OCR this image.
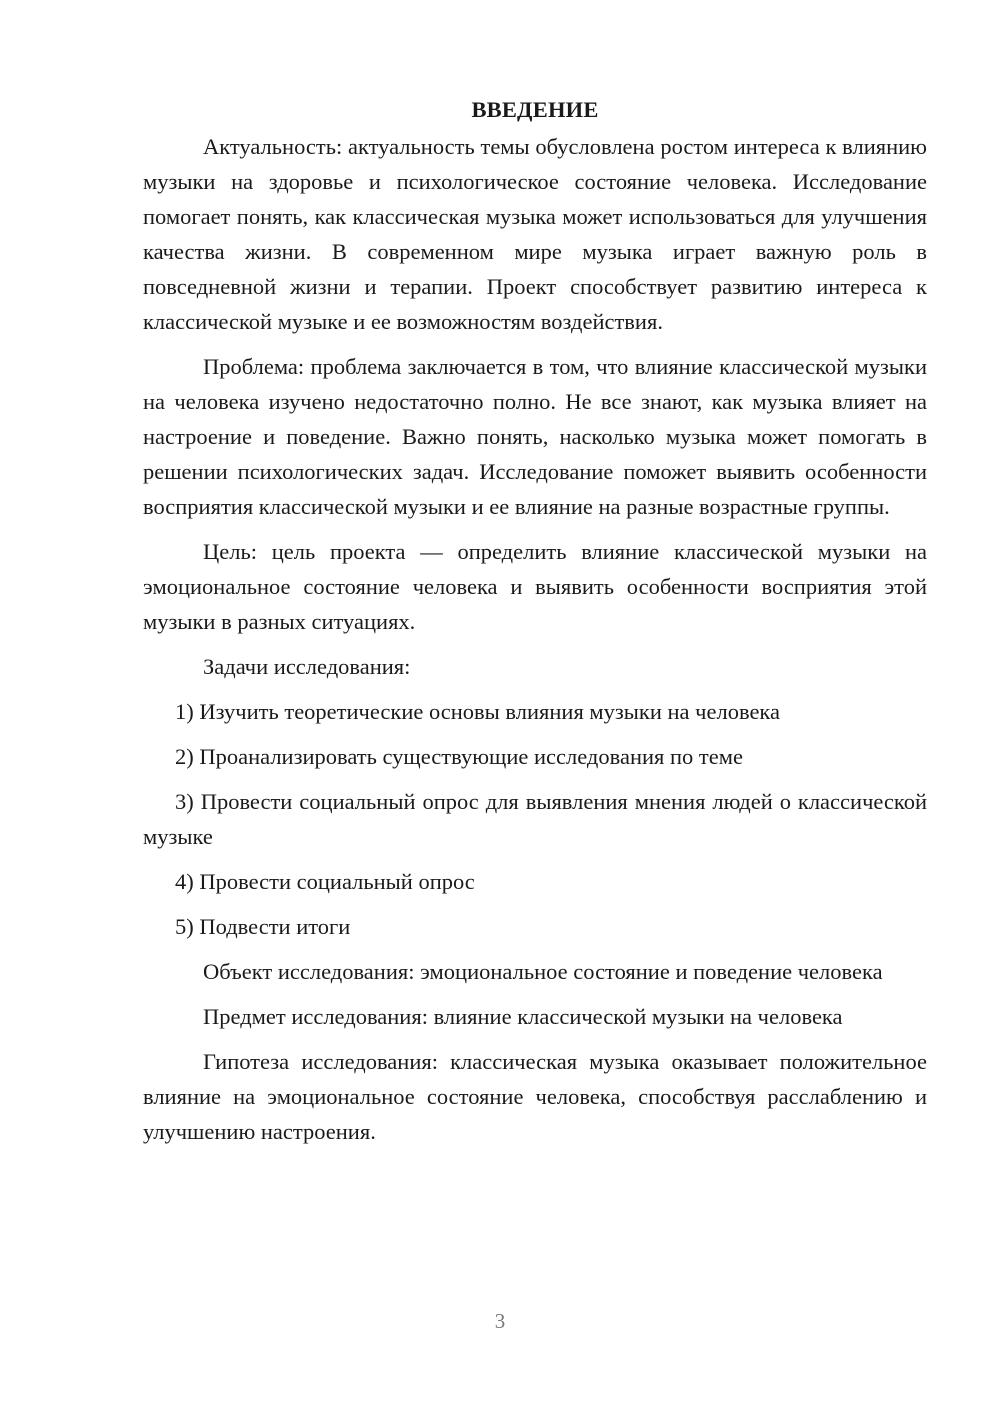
ВВЕДЕНИЕ

Актуальность: актуальность темы обусловлена ростом интереса к влиянию музыки на здоровье и психологическое состояние человека. Исследование помогает понять, как классическая музыка может использоваться для улучшения качества жизни. В современном мире музыка играет важную роль в повседневной жизни и терапии. Проект способствует развитию интереса к классической музыке и ее возможностям воздействия.

Проблема: проблема заключается в том, что влияние классической музыки на человека изучено недостаточно полно. Не все знают, как музыка влияет на настроение и поведение. Важно понять, насколько музыка может помогать в решении психологических задач. Исследование поможет выявить особенности восприятия классической музыки и ее влияние на разные возрастные группы.

Цель: цель проекта — определить влияние классической музыки на эмоциональное состояние человека и выявить особенности восприятия этой музыки в разных ситуациях.

Задачи исследования:

1) Изучить теоретические основы влияния музыки на человека

2) Проанализировать существующие исследования по теме

3) Провести социальный опрос для выявления мнения людей о классической музыке

4) Провести социальный опрос

5) Подвести итоги

Объект исследования: эмоциональное состояние и поведение человека

Предмет исследования: влияние классической музыки на человека

Гипотеза исследования: классическая музыка оказывает положительное влияние на эмоциональное состояние человека, способствуя расслаблению и улучшению настроения.

3
